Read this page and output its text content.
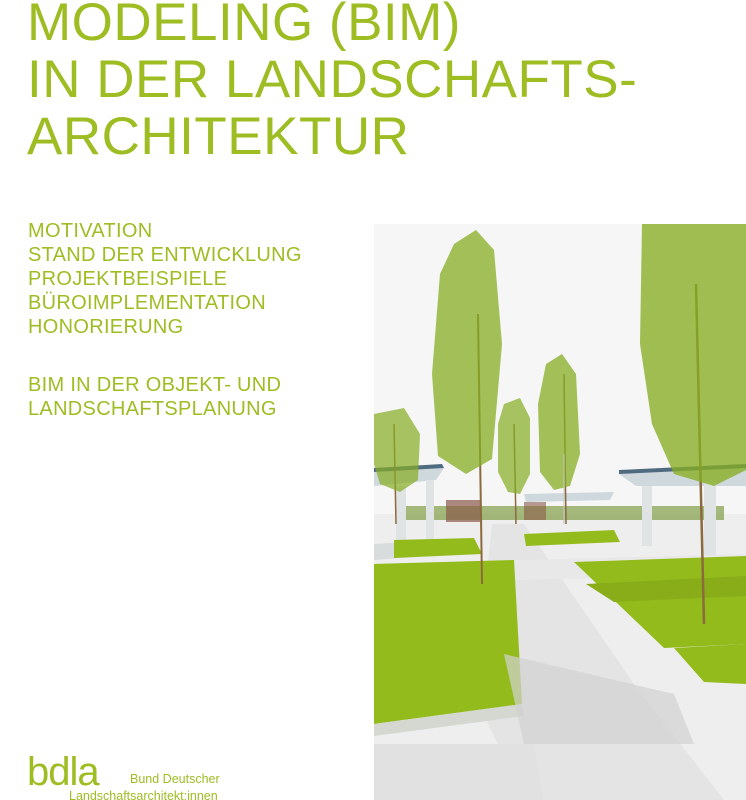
MODELING (BIM)
IN DER LANDSCHAFTS-
ARCHITEKTUR
MOTIVATION
STAND DER ENTWICKLUNG
PROJEKTBEISPIELE
BÜROIMPLEMENTATION
HONORIERUNG
BIM IN DER OBJEKT- UND
LANDSCHAFTSPLANUNG
bdla	Bund Deutscher
Landschaftsarchitekt:innen
